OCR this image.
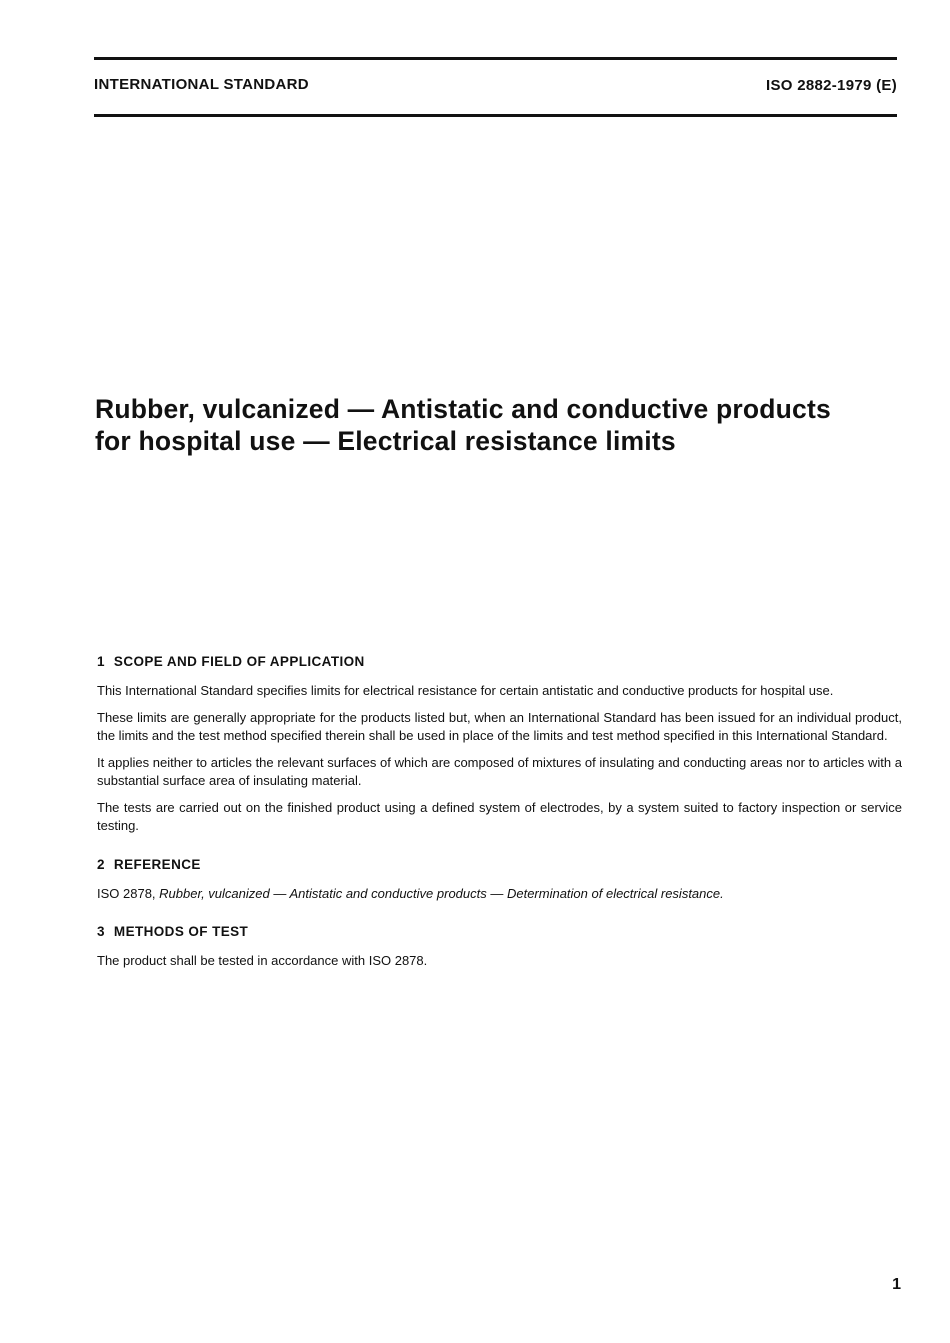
INTERNATIONAL STANDARD	ISO 2882-1979 (E)
Rubber, vulcanized — Antistatic and conductive products
for hospital use — Electrical resistance limits
1 SCOPE AND FIELD OF APPLICATION

This International Standard specifies limits for electrical resistance for certain antistatic and conductive products for hospital use.

These limits are generally appropriate for the products listed but, when an International Standard has been issued for an individual product, the limits and the test method specified therein shall be used in place of the limits and test method specified in this International Standard.

It applies neither to articles the relevant surfaces of which are composed of mixtures of insulating and conducting areas nor to articles with a substantial surface area of insulating material.

The tests are carried out on the finished product using a defined system of electrodes, by a system suited to factory inspection or service testing.

2 REFERENCE

ISO 2878, Rubber, vulcanized — Antistatic and conductive products — Determination of electrical resistance.

3 METHODS OF TEST

The product shall be tested in accordance with ISO 2878.

1
